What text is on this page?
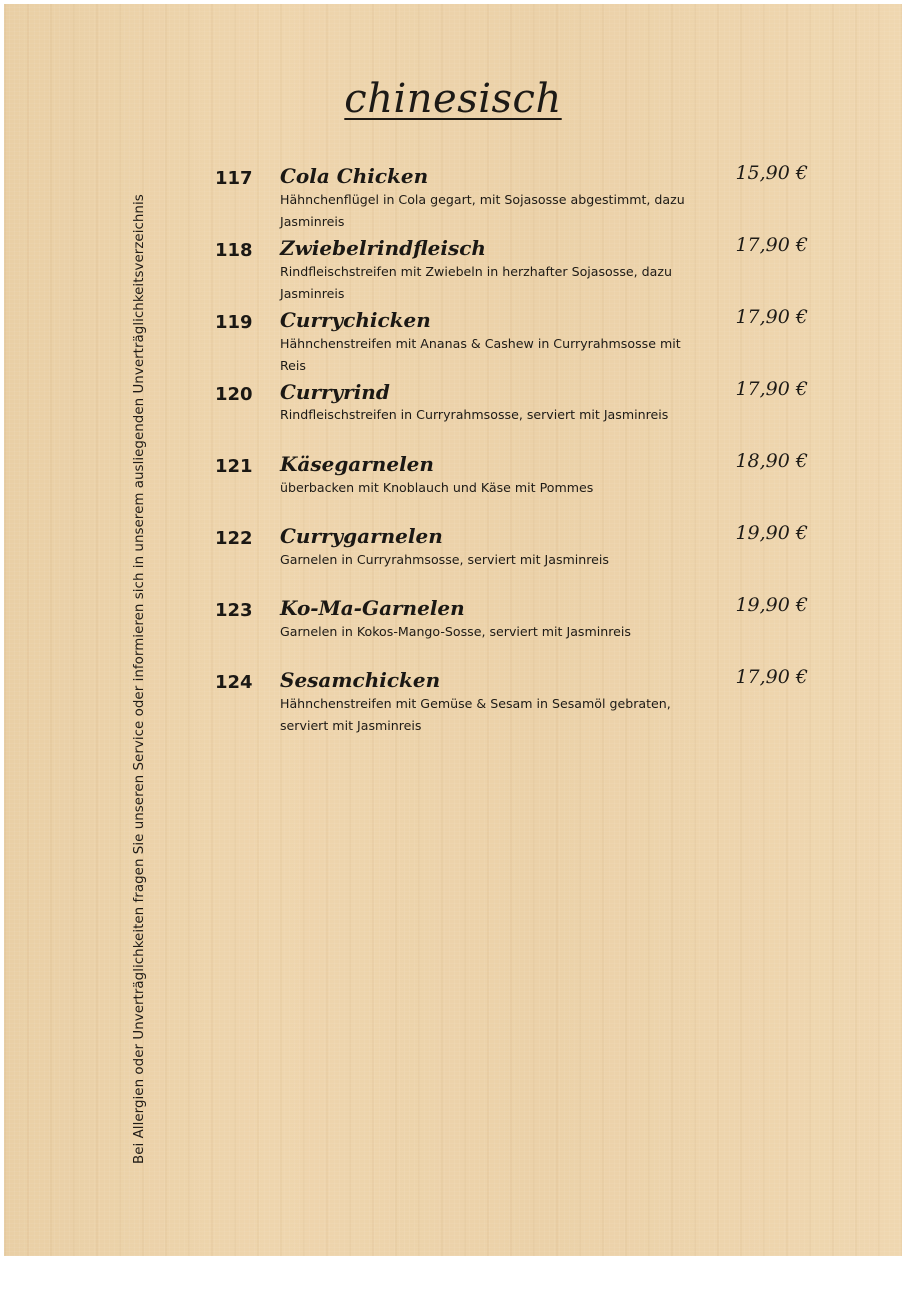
chinesisch
Bei Allergien oder Unverträglichkeiten fragen Sie unseren Service oder informieren sich in unserem ausliegenden Unverträglichkeitsverzeichnis
117	Cola Chicken
Hähnchenflügel in Cola gegart, mit Sojasosse abgestimmt, dazu Jasminreis
15,90 €
118	Zwiebelrindfleisch
Rindfleischstreifen mit Zwiebeln in herzhafter Sojasosse, dazu Jasminreis
17,90 €
119	Currychicken
Hähnchenstreifen mit Ananas & Cashew in Curryrahmsosse mit Reis
17,90 €
120	Curryrind
Rindfleischstreifen in Curryrahmsosse, serviert mit Jasminreis
17,90 €
121	Käsegarnelen
überbacken mit Knoblauch und Käse mit Pommes
18,90 €
122	Currygarnelen
Garnelen in Curryrahmsosse, serviert mit Jasminreis
19,90 €
123	Ko-Ma-Garnelen
Garnelen in Kokos-Mango-Sosse, serviert mit Jasminreis
19,90 €
124	Sesamchicken
Hähnchenstreifen mit Gemüse & Sesam in Sesamöl gebraten, serviert mit Jasminreis
17,90 €
